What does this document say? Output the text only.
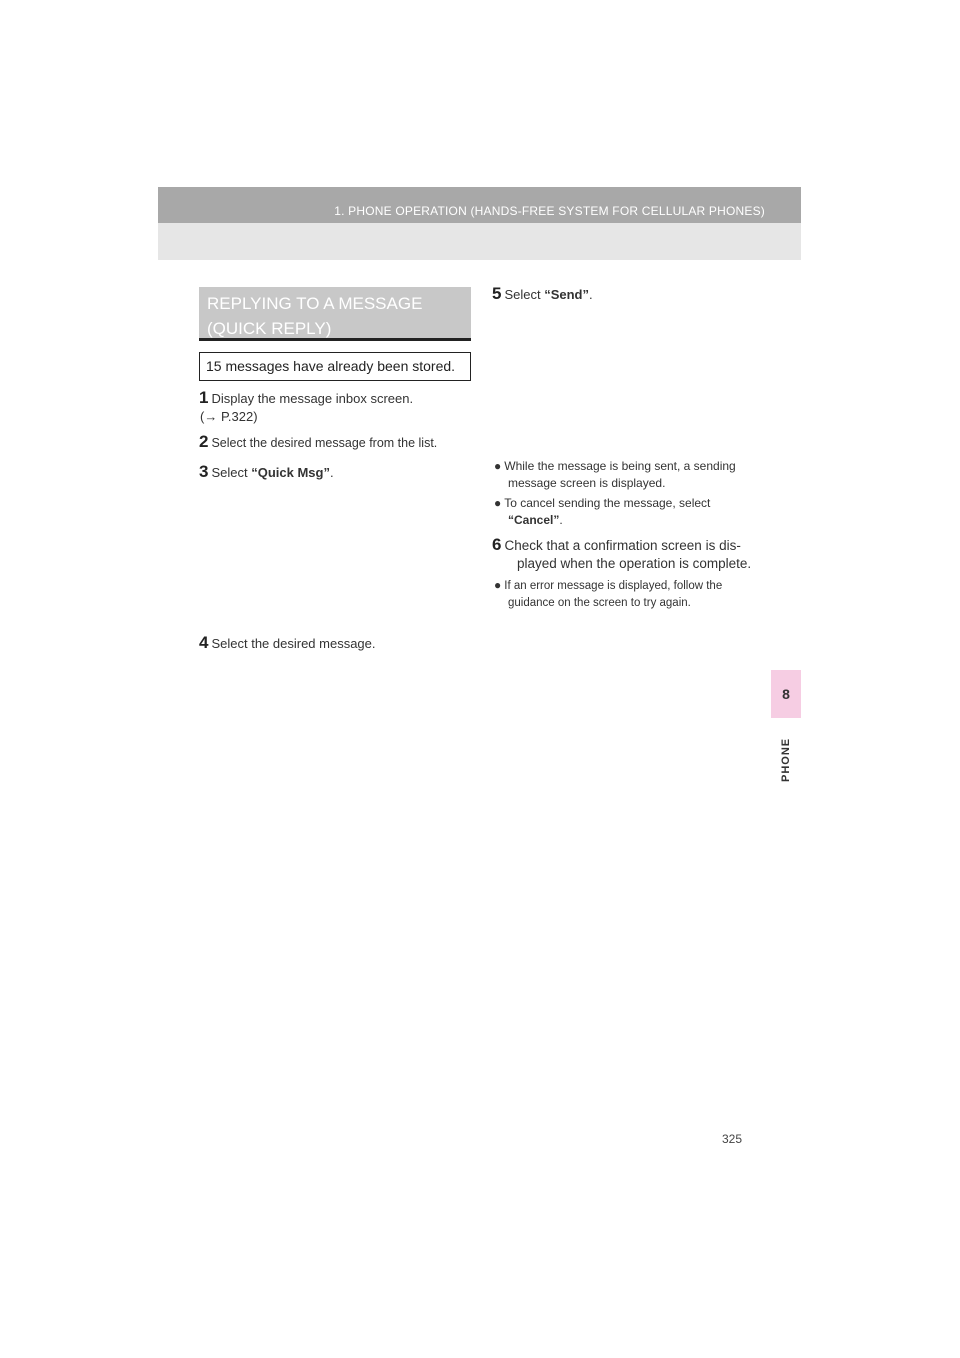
1. PHONE OPERATION (HANDS-FREE SYSTEM FOR CELLULAR PHONES)
8
PHONE
REPLYING TO A MESSAGE
(QUICK REPLY)
15 messages have already been stored.
1 Display the message inbox screen.
(→ P.322)
2 Select the desired message from the list.
3 Select “Quick Msg”.
4 Select the desired message.
5 Select “Send”.
● While the message is being sent, a sending
message screen is displayed.
● To cancel sending the message, select
“Cancel”.
6 Check that a confirmation screen is dis-
played when the operation is complete.
● If an error message is displayed, follow the
guidance on the screen to try again.
325
